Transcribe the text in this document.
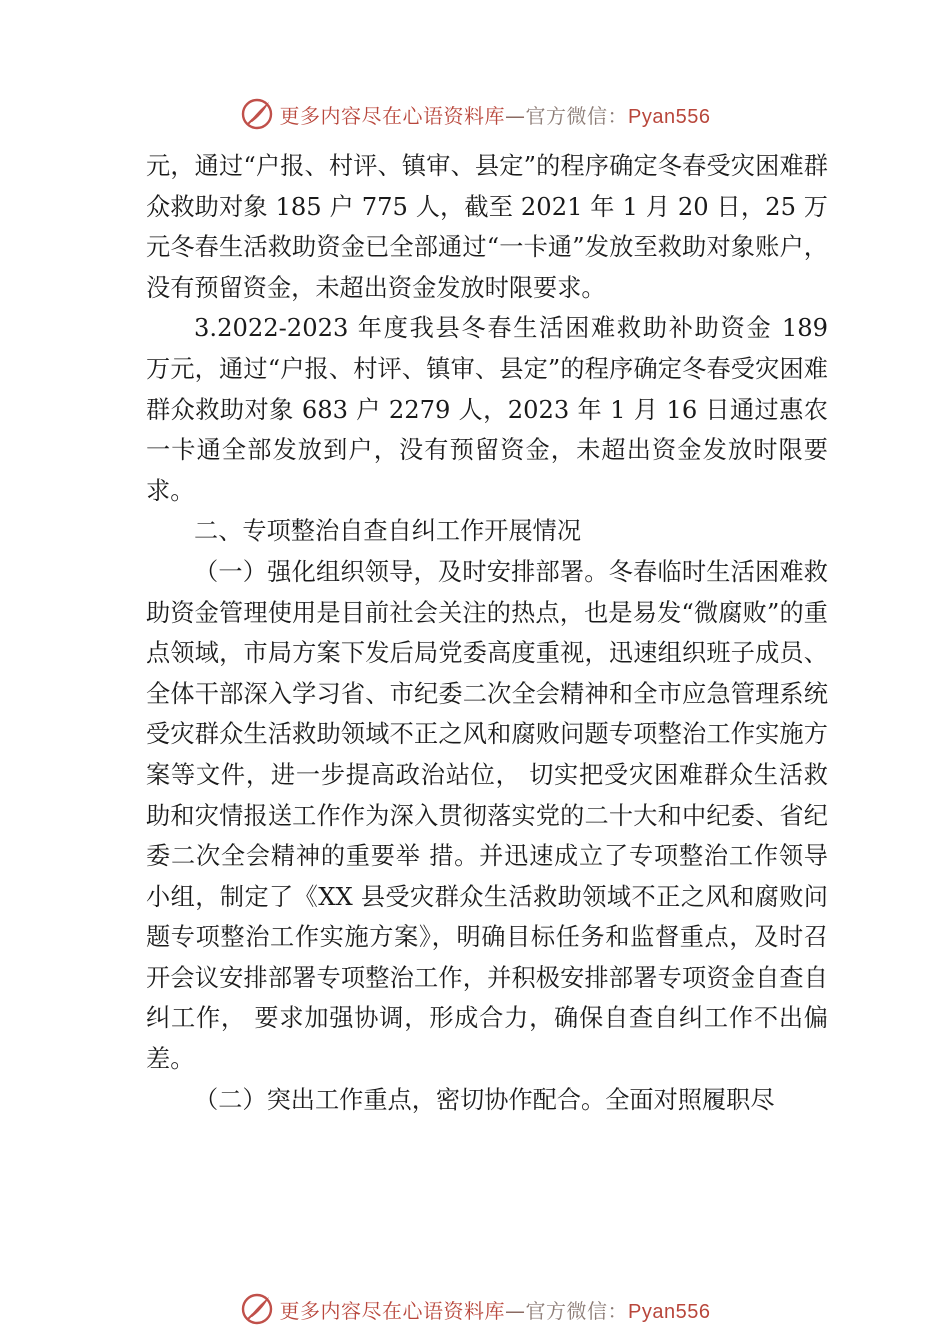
更多内容尽在心语资料库—官方微信：Pyan556

元，通过“户报、村评、镇审、县定”的程序确定冬春受灾困难群众救助对象 185 户 775 人，截至 2021 年 1 月 20 日，25 万元冬春生活救助资金已全部通过“一卡通”发放至救助对象账户，没有预留资金，未超出资金发放时限要求。

3.2022-2023 年度我县冬春生活困难救助补助资金 189 万元，通过“户报、村评、镇审、县定”的程序确定冬春受灾困难群众救助对象 683 户 2279 人，2023 年 1 月 16 日通过惠农一卡通全部发放到户，没有预留资金，未超出资金发放时限要求。

二、专项整治自查自纠工作开展情况

（一）强化组织领导，及时安排部署。冬春临时生活困难救助资金管理使用是目前社会关注的热点，也是易发“微腐败”的重点领域，市局方案下发后局党委高度重视，迅速组织班子成员、全体干部深入学习省、市纪委二次全会精神和全市应急管理系统受灾群众生活救助领域不正之风和腐败问题专项整治工作实施方案等文件，进一步提高政治站位， 切实把受灾困难群众生活救助和灾情报送工作作为深入贯彻落实党的二十大和中纪委、省纪委二次全会精神的重要举 措。并迅速成立了专项整治工作领导小组，制定了《XX 县受灾群众生活救助领域不正之风和腐败问题专项整治工作实施方案》，明确目标任务和监督重点，及时召开会议安排部署专项整治工作，并积极安排部署专项资金自查自纠工作， 要求加强协调，形成合力，确保自查自纠工作不出偏差。

（二）突出工作重点，密切协作配合。全面对照履职尽

更多内容尽在心语资料库—官方微信：Pyan556
